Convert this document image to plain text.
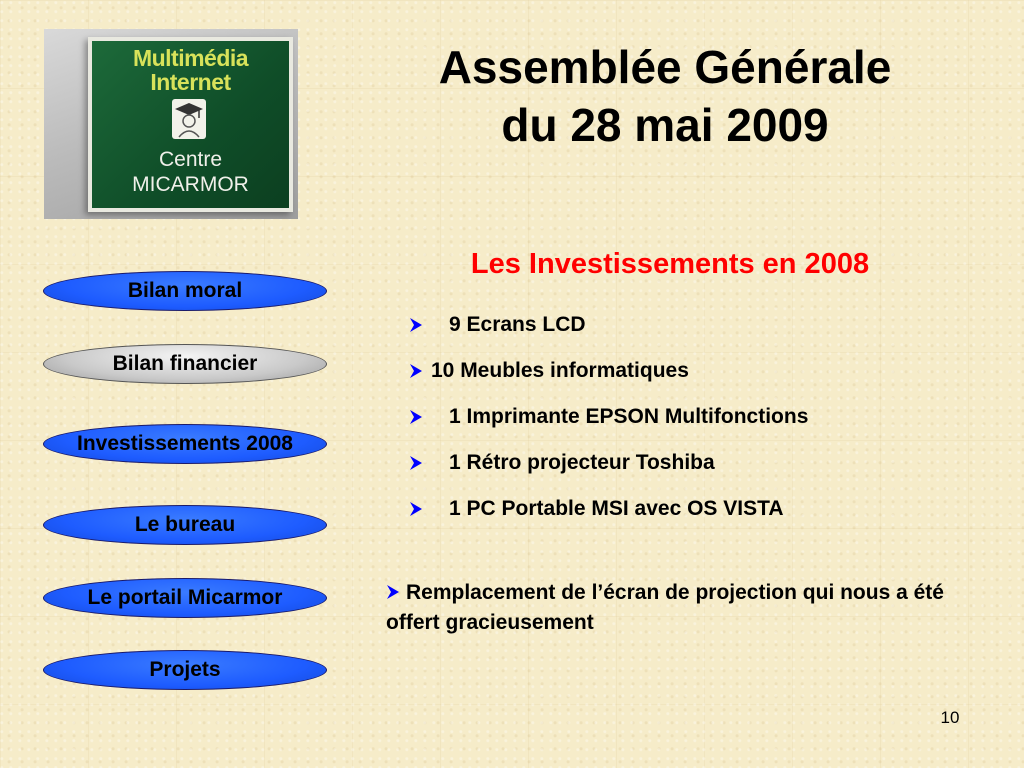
Multimédia
Internet
Centre
MICARMOR
Assemblée Générale
du 28 mai 2009
Les Investissements en 2008
Bilan moral
Bilan financier
Investissements 2008
Le bureau
Le portail Micarmor
Projets
9 Ecrans LCD
10 Meubles informatiques
1 Imprimante EPSON Multifonctions
1 Rétro projecteur Toshiba
1 PC Portable MSI avec OS VISTA
Remplacement de l’écran de projection qui nous a été offert gracieusement
10
